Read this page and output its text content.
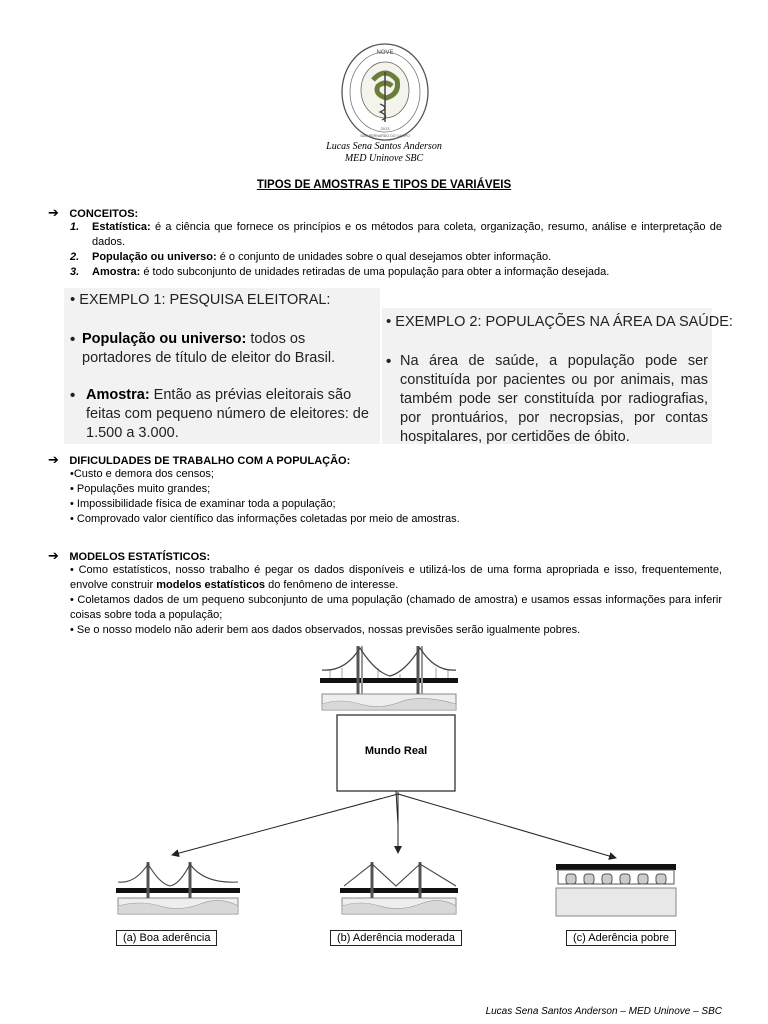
NOVE
2013
SÃO BERNARDO DO CAMPO
Lucas Sena Santos Anderson
MED Uninove SBC
TIPOS DE AMOSTRAS E TIPOS DE VARIÁVEIS
➔ CONCEITOS:
1.	Estatística: é a ciência que fornece os princípios e os métodos para coleta, organização, resumo, análise e interpretação de dados.
2.	População ou universo: é o conjunto de unidades sobre o qual desejamos obter informação.
3.	Amostra: é todo subconjunto de unidades retiradas de uma população para obter a informação desejada.
• EXEMPLO 1: PESQUISA ELEITORAL:
• População ou universo: todos os portadores de título de eleitor do Brasil.
• Amostra: Então as prévias eleitorais são feitas com pequeno número de eleitores: de 1.500 a 3.000.
• EXEMPLO 2: POPULAÇÕES NA ÁREA DA SAÚDE:
• Na área de saúde, a população pode ser constituída por pacientes ou por animais, mas também pode ser constituída por radiografias, por prontuários, por necropsias, por contas hospitalares, por certidões de óbito.
➔ DIFICULDADES DE TRABALHO COM A POPULAÇÃO:
•Custo e demora dos censos;
• Populações muito grandes;
• Impossibilidade física de examinar toda a população;
• Comprovado valor científico das informações coletadas por meio de amostras.
➔ MODELOS ESTATÍSTICOS:
• Como estatísticos, nosso trabalho é pegar os dados disponíveis e utilizá-los de uma forma apropriada e isso, frequentemente, envolve construir modelos estatísticos do fenômeno de interesse.
• Coletamos dados de um pequeno subconjunto de uma população (chamado de amostra) e usamos essas informações para inferir coisas sobre toda a população;
• Se o nosso modelo não aderir bem aos dados observados, nossas previsões serão igualmente pobres.
Mundo Real
(a) Boa aderência	(b) Aderência moderada	(c) Aderência pobre
Lucas Sena Santos Anderson – MED Uninove – SBC
